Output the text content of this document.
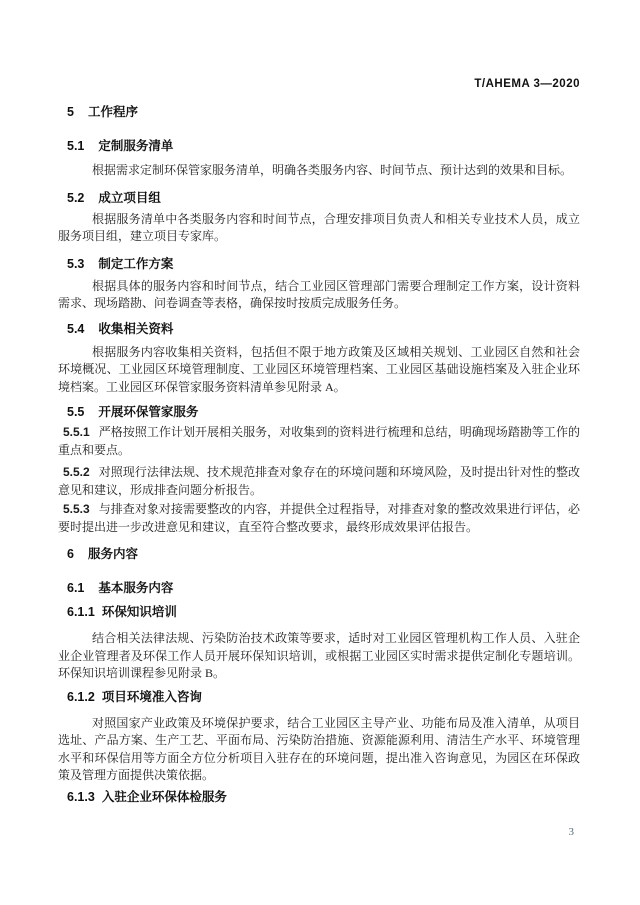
T/AHEMA 3—2020
5 工作程序
5.1 定制服务清单

根据需求定制环保管家服务清单，明确各类服务内容、时间节点、预计达到的效果和目标。

5.2 成立项目组

根据服务清单中各类服务内容和时间节点，合理安排项目负责人和相关专业技术人员，成立服务项目组，建立项目专家库。

5.3 制定工作方案

根据具体的服务内容和时间节点，结合工业园区管理部门需要合理制定工作方案，设计资料需求、现场踏勘、问卷调查等表格，确保按时按质完成服务任务。

5.4 收集相关资料

根据服务内容收集相关资料，包括但不限于地方政策及区域相关规划、工业园区自然和社会环境概况、工业园区环境管理制度、工业园区环境管理档案、工业园区基础设施档案及入驻企业环境档案。工业园区环保管家服务资料清单参见附录 A。

5.5 开展环保管家服务

5.5.1 严格按照工作计划开展相关服务，对收集到的资料进行梳理和总结，明确现场踏勘等工作的重点和要点。

5.5.2 对照现行法律法规、技术规范排查对象存在的环境问题和环境风险，及时提出针对性的整改意见和建议，形成排查问题分析报告。

5.5.3 与排查对象对接需要整改的内容，并提供全过程指导，对排查对象的整改效果进行评估，必要时提出进一步改进意见和建议，直至符合整改要求，最终形成效果评估报告。

6 服务内容
6.1 基本服务内容
6.1.1 环保知识培训

结合相关法律法规、污染防治技术政策等要求，适时对工业园区管理机构工作人员、入驻企业企业管理者及环保工作人员开展环保知识培训，或根据工业园区实时需求提供定制化专题培训。环保知识培训课程参见附录 B。

6.1.2 项目环境准入咨询

对照国家产业政策及环境保护要求，结合工业园区主导产业、功能布局及准入清单，从项目选址、产品方案、生产工艺、平面布局、污染防治措施、资源能源利用、清洁生产水平、环境管理水平和环保信用等方面全方位分析项目入驻存在的环境问题，提出准入咨询意见，为园区在环保政策及管理方面提供决策依据。

6.1.3 入驻企业环保体检服务
3
